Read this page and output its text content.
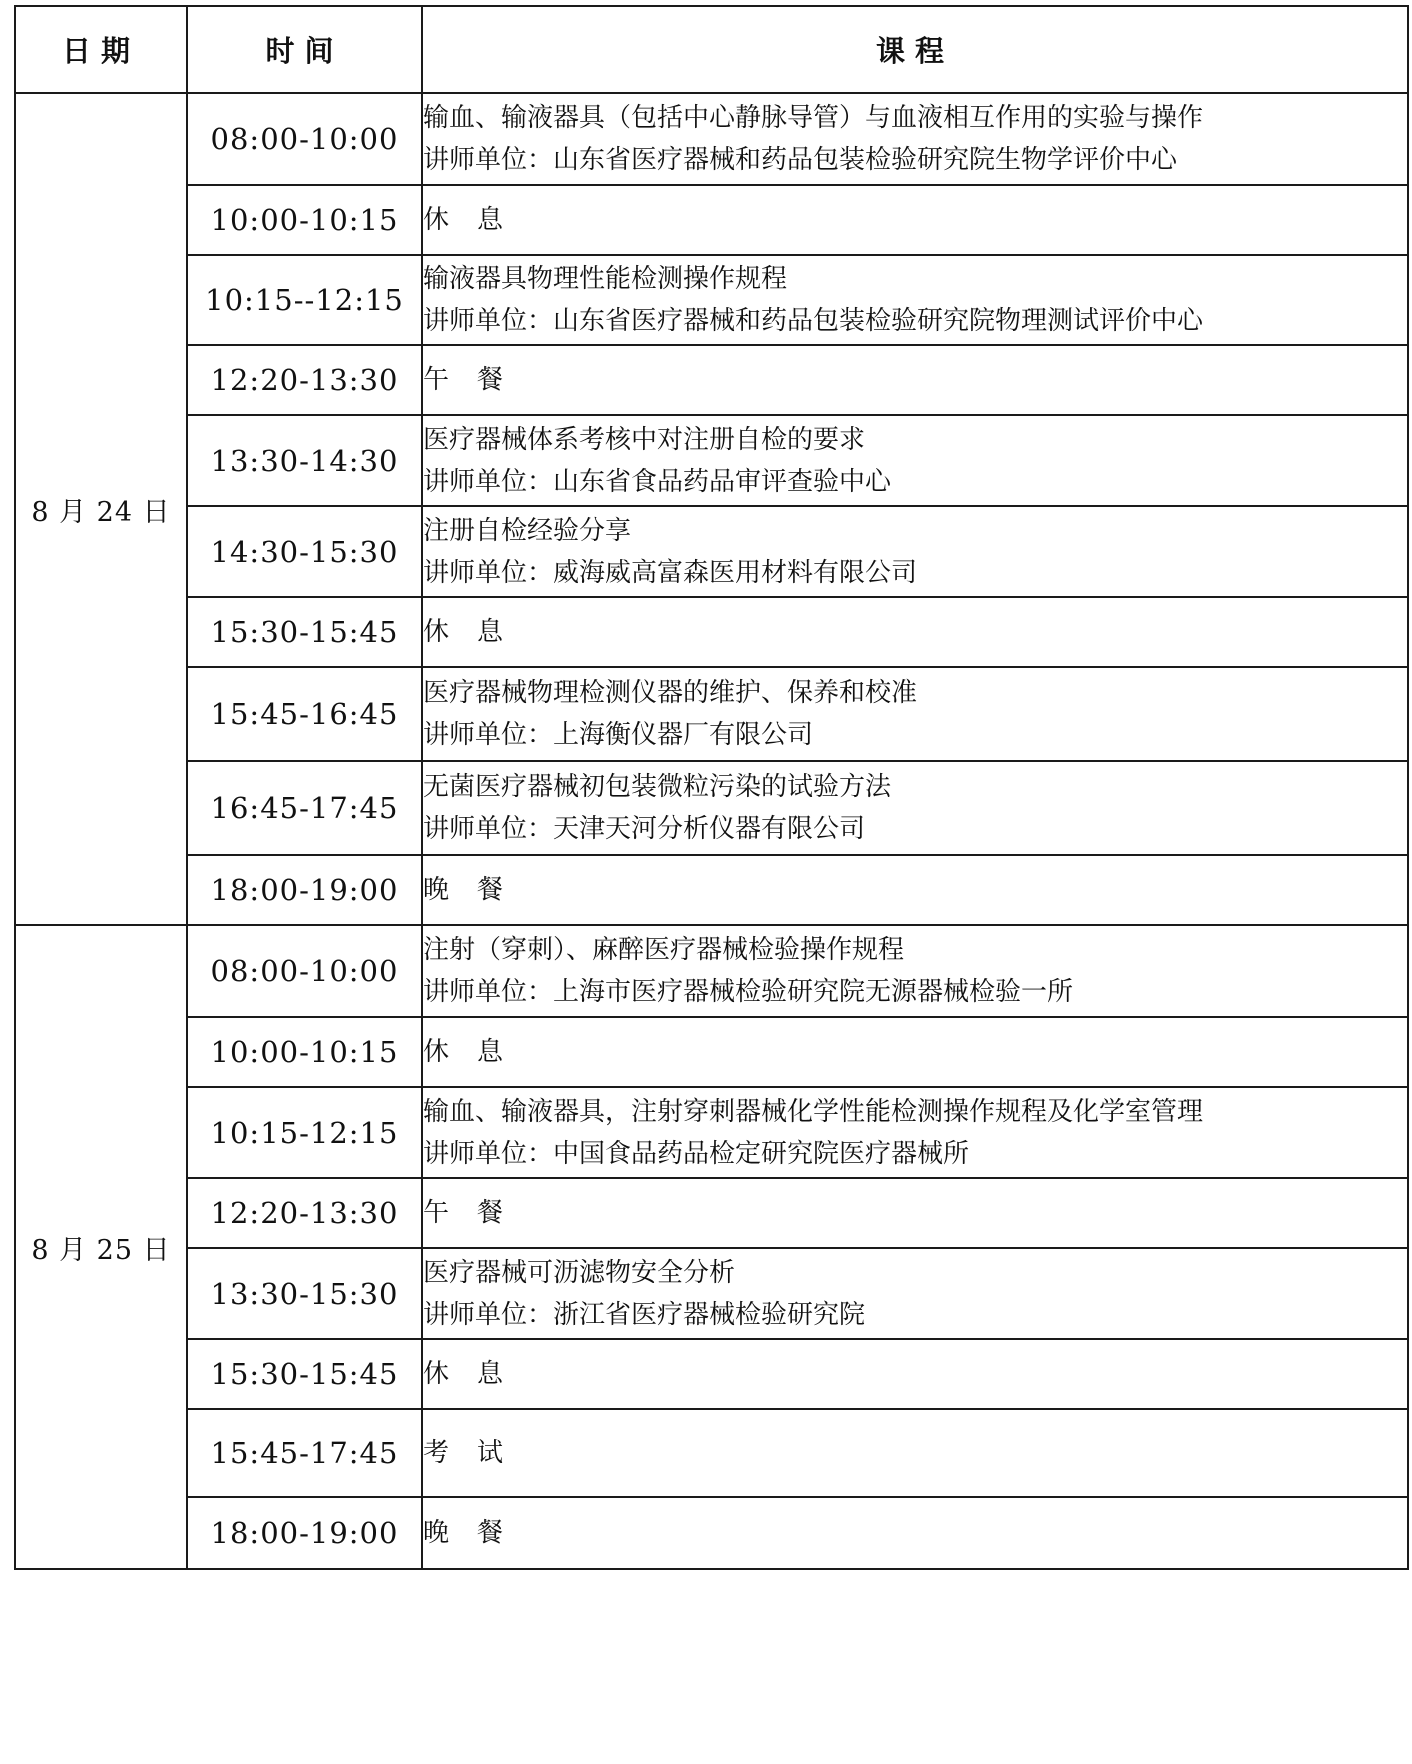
日期	时间	课程
8 月 24 日	08:00-10:00	输血、输液器具（包括中心静脉导管）与血液相互作用的实验与操作
讲师单位：山东省医疗器械和药品包装检验研究院生物学评价中心

	10:00-10:15	休息

	10:15--12:15	输液器具物理性能检测操作规程
讲师单位：山东省医疗器械和药品包装检验研究院物理测试评价中心

	12:20-13:30	午餐

	13:30-14:30	医疗器械体系考核中对注册自检的要求
讲师单位：山东省食品药品审评查验中心

	14:30-15:30	注册自检经验分享
讲师单位：威海威高富森医用材料有限公司

	15:30-15:45	休息

	15:45-16:45	医疗器械物理检测仪器的维护、保养和校准
讲师单位：上海衡仪器厂有限公司

	16:45-17:45	无菌医疗器械初包装微粒污染的试验方法
讲师单位：天津天河分析仪器有限公司

	18:00-19:00	晚餐

8 月 25 日	08:00-10:00	注射（穿刺）、麻醉医疗器械检验操作规程
讲师单位：上海市医疗器械检验研究院无源器械检验一所

	10:00-10:15	休息

	10:15-12:15	输血、输液器具，注射穿刺器械化学性能检测操作规程及化学室管理
讲师单位：中国食品药品检定研究院医疗器械所

	12:20-13:30	午餐

	13:30-15:30	医疗器械可沥滤物安全分析
讲师单位：浙江省医疗器械检验研究院

	15:30-15:45	休息

	15:45-17:45	考试

	18:00-19:00	晚餐
